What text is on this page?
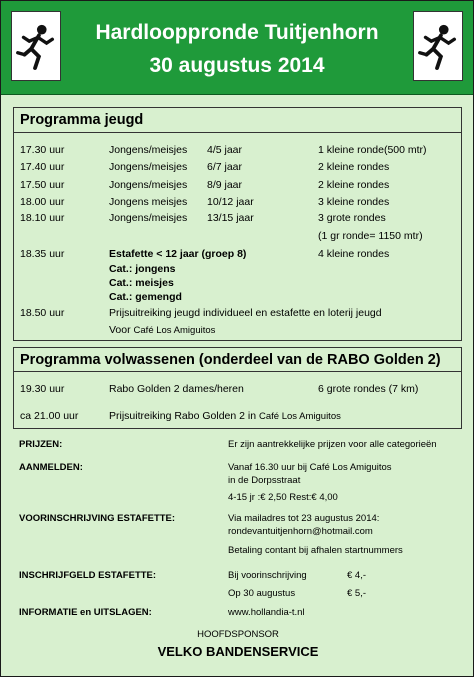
Hardlooppronde Tuitjenhorn
30 augustus 2014
Programma jeugd
17.30 uur	Jongens/meisjes 4/5 jaar	1 kleine ronde(500 mtr)
17.40 uur	Jongens/meisjes 6/7 jaar	2 kleine rondes
17.50 uur	Jongens/meisjes 8/9 jaar	2 kleine rondes
18.00 uur	Jongens meisjes 10/12 jaar	3 kleine rondes
18.10 uur	Jongens/meisjes 13/15 jaar	3 grote rondes
(1 gr ronde= 1150 mtr)
18.35 uur	Estafette < 12 jaar (groep 8)	4 kleine rondes
Cat.: jongens
Cat.: meisjes
Cat.: gemengd
18.50 uur	Prijsuitreiking jeugd individueel en estafette en loterij jeugd
Voor Café Los Amiguitos
Programma volwassenen (onderdeel van de RABO Golden 2)
19.30 uur	Rabo Golden 2 dames/heren	6 grote rondes (7 km)
ca 21.00 uur	Prijsuitreiking Rabo Golden 2 in Café Los Amiguitos
PRIJZEN:	Er zijn aantrekkelijke prijzen voor alle categorieën
AANMELDEN:	Vanaf 16.30 uur bij Café Los Amiguitos
in de Dorpsstraat
4-15 jr :€ 2,50 Rest:€ 4,00
VOORINSCHRIJVING ESTAFETTE:	Via mailadres tot 23 augustus 2014:
rondevantuitjenhorn@hotmail.com
Betaling contant bij afhalen startnummers
INSCHRIJFGELD ESTAFETTE:	Bij voorinschrijving	€ 4,-
Op 30 augustus	€ 5,-
INFORMATIE en UITSLAGEN:	www.hollandia-t.nl
HOOFDSPONSOR
VELKO BANDENSERVICE
